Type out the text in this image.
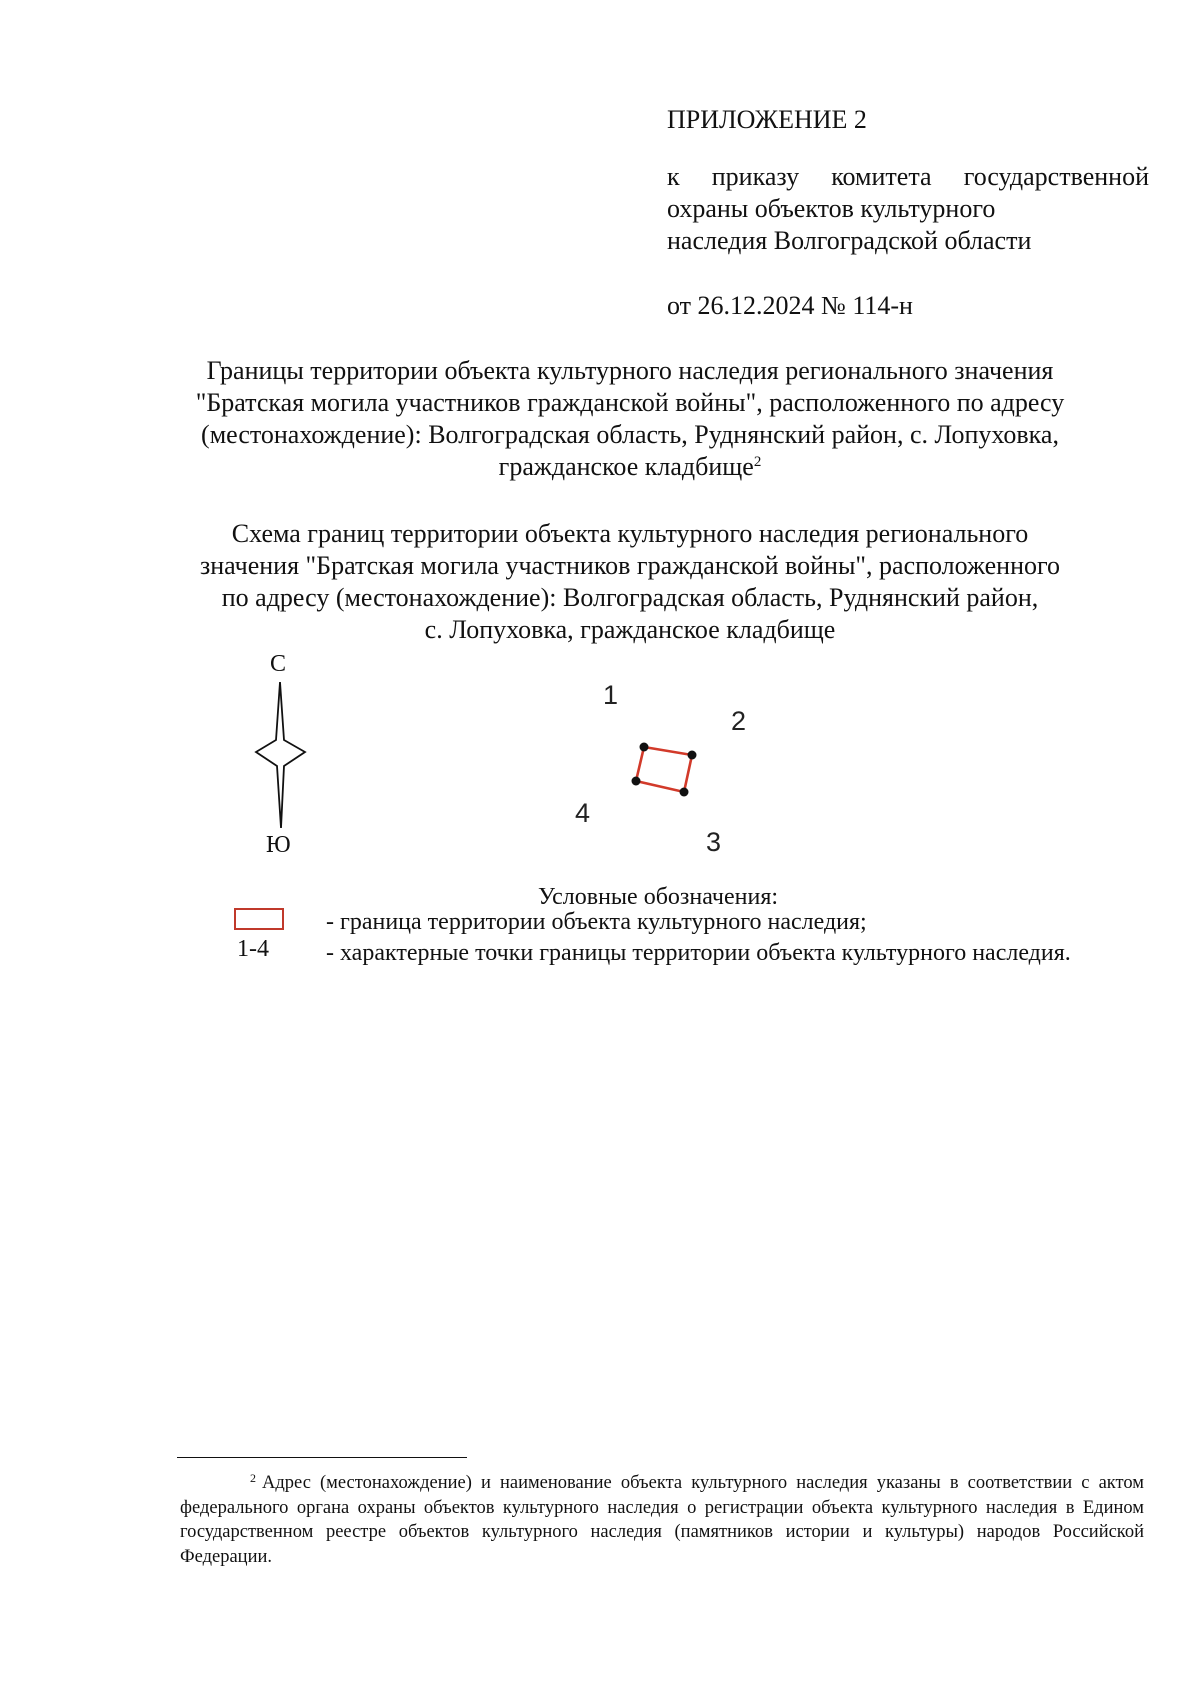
ПРИЛОЖЕНИЕ 2
к приказу комитета государственной
охраны объектов культурного
наследия Волгоградской области
от 26.12.2024 № 114-н
Границы территории объекта культурного наследия регионального значения
"Братская могила участников гражданской войны", расположенного по адресу
(местонахождение): Волгоградская область, Руднянский район, с. Лопуховка,
гражданское кладбище$^2$
Схема границ территории объекта культурного наследия регионального
значения "Братская могила участников гражданской войны", расположенного
по адресу (местонахождение): Волгоградская область, Руднянский район,
с. Лопуховка, гражданское кладбище
С
Ю
1
2
3
4
Условные обозначения:
- граница территории объекта культурного наследия;
1-4 - характерные точки границы территории объекта культурного наследия.
$^2$ Адрес (местонахождение) и наименование объекта культурного наследия указаны в соответствии с актом федерального органа охраны объектов культурного наследия о регистрации объекта культурного наследия в Едином государственном реестре объектов культурного наследия (памятников истории и культуры) народов Российской Федерации.
